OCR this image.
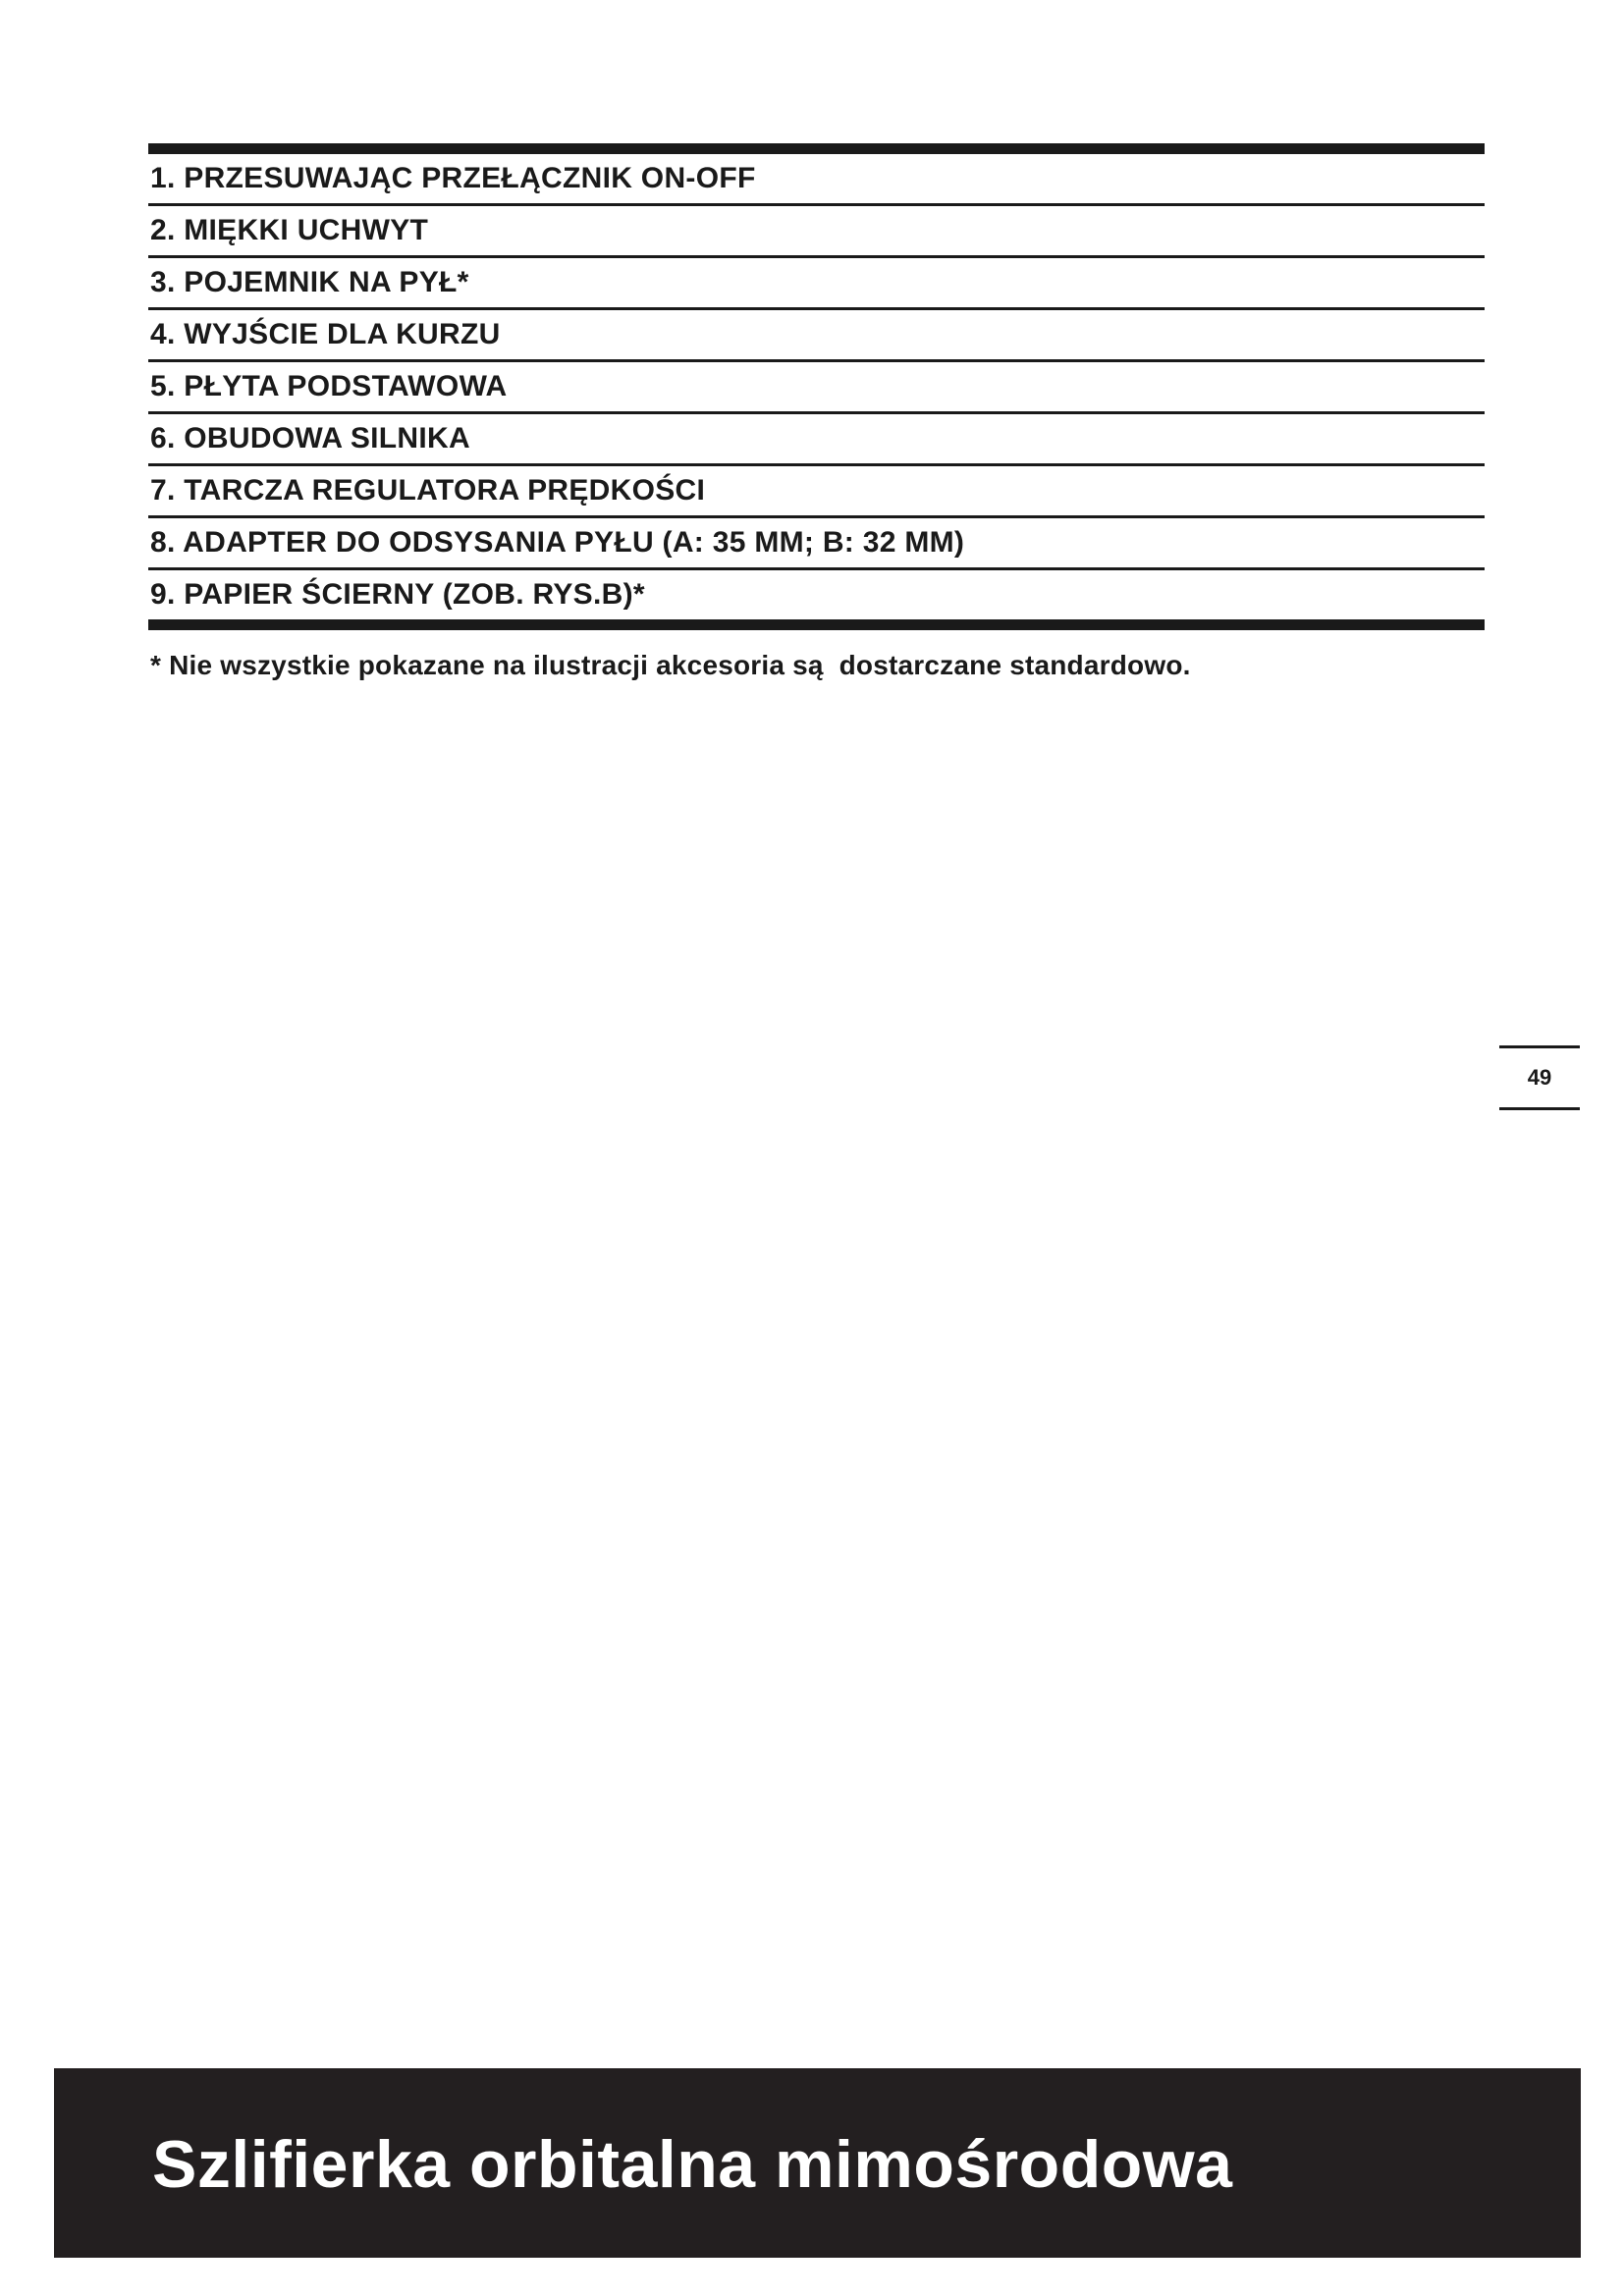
1. PRZESUWAJĄC PRZEŁĄCZNIK ON-OFF
2. MIĘKKI UCHWYT
3. POJEMNIK NA PYŁ*
4. WYJŚCIE DLA KURZU
5. PŁYTA PODSTAWOWA
6. OBUDOWA SILNIKA
7. TARCZA REGULATORA PRĘDKOŚCI
8. ADAPTER DO ODSYSANIA PYŁU (A: 35 MM; B: 32 MM)
9. PAPIER ŚCIERNY (ZOB. RYS.B)*
* Nie wszystkie pokazane na ilustracji akcesoria są  dostarczane standardowo.
49
Szlifierka orbitalna mimośrodowa
